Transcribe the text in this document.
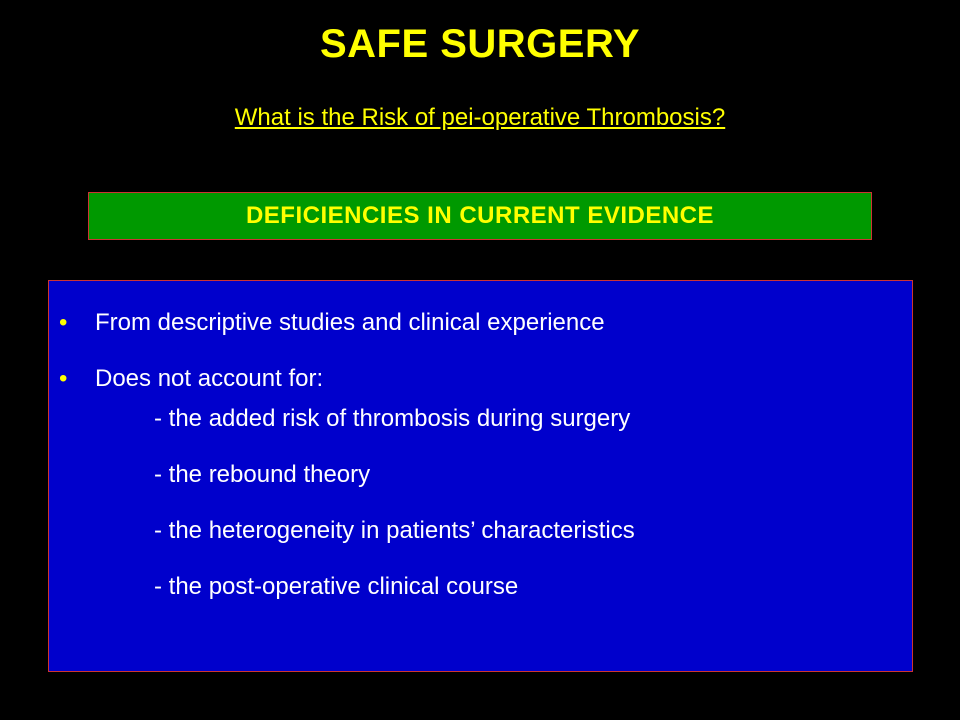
SAFE SURGERY
What is the Risk of pei-operative Thrombosis?
DEFICIENCIES IN CURRENT EVIDENCE
• From descriptive studies and clinical experience
• Does not account for:
- the added risk of thrombosis during surgery
- the rebound theory
- the heterogeneity in patients’ characteristics
- the post-operative clinical course
